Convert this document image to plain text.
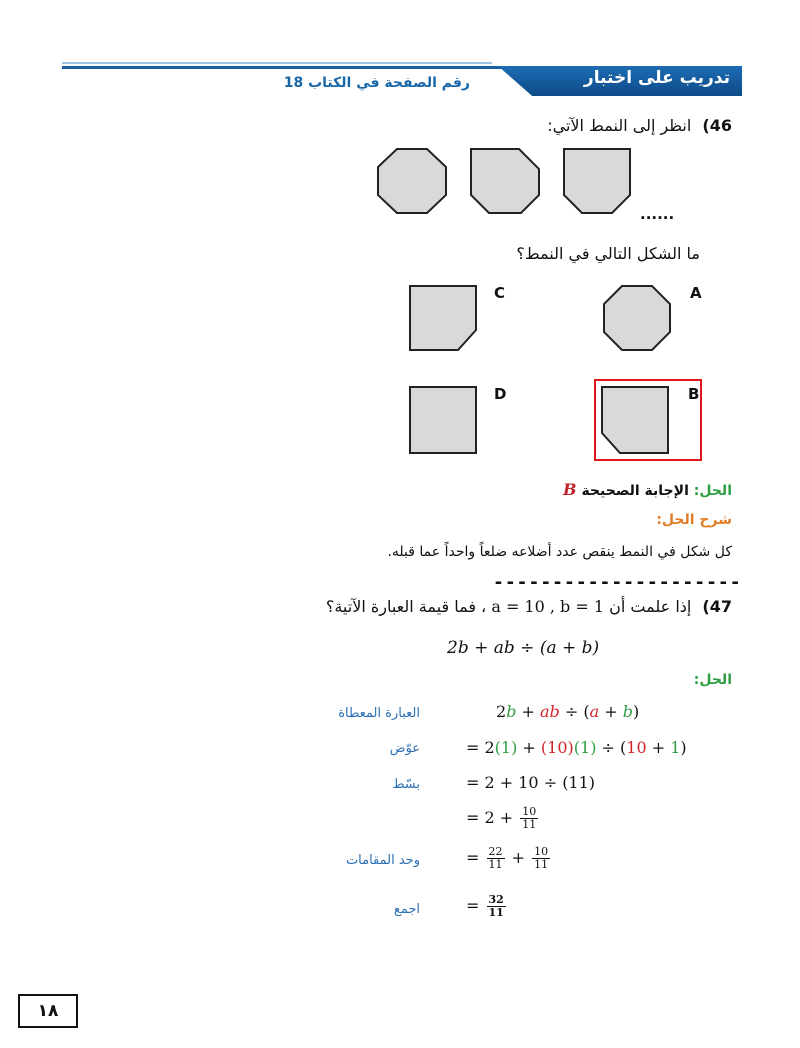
تدريب على اختبار
رقم الصفحة في الكتاب 18
46) انظر إلى النمط الآتي:
......
ما الشكل التالي في النمط؟
C	A
D	B
الحل: الإجابة الصحيحة B
شرح الحل:
كل شكل في النمط ينقص عدد أضلاعه ضلعاً واحداً عما قبله.
---------------------
47) إذا علمت أن a = 10 , b = 1 ، فما قيمة العبارة الآتية؟
2b + ab ÷ (a + b)
الحل:
العبارة المعطاة	2b + ab ÷ (a + b)
عوّض	= 2(1) + (10)(1) ÷ (10 + 1)
بسّط	= 2 + 10 ÷ (11)
= $2 + \frac{10}{11}$
وحد المقامات	= $\frac{22}{11} + \frac{10}{11}$
اجمع	= $\frac{32}{11}$
١٨
